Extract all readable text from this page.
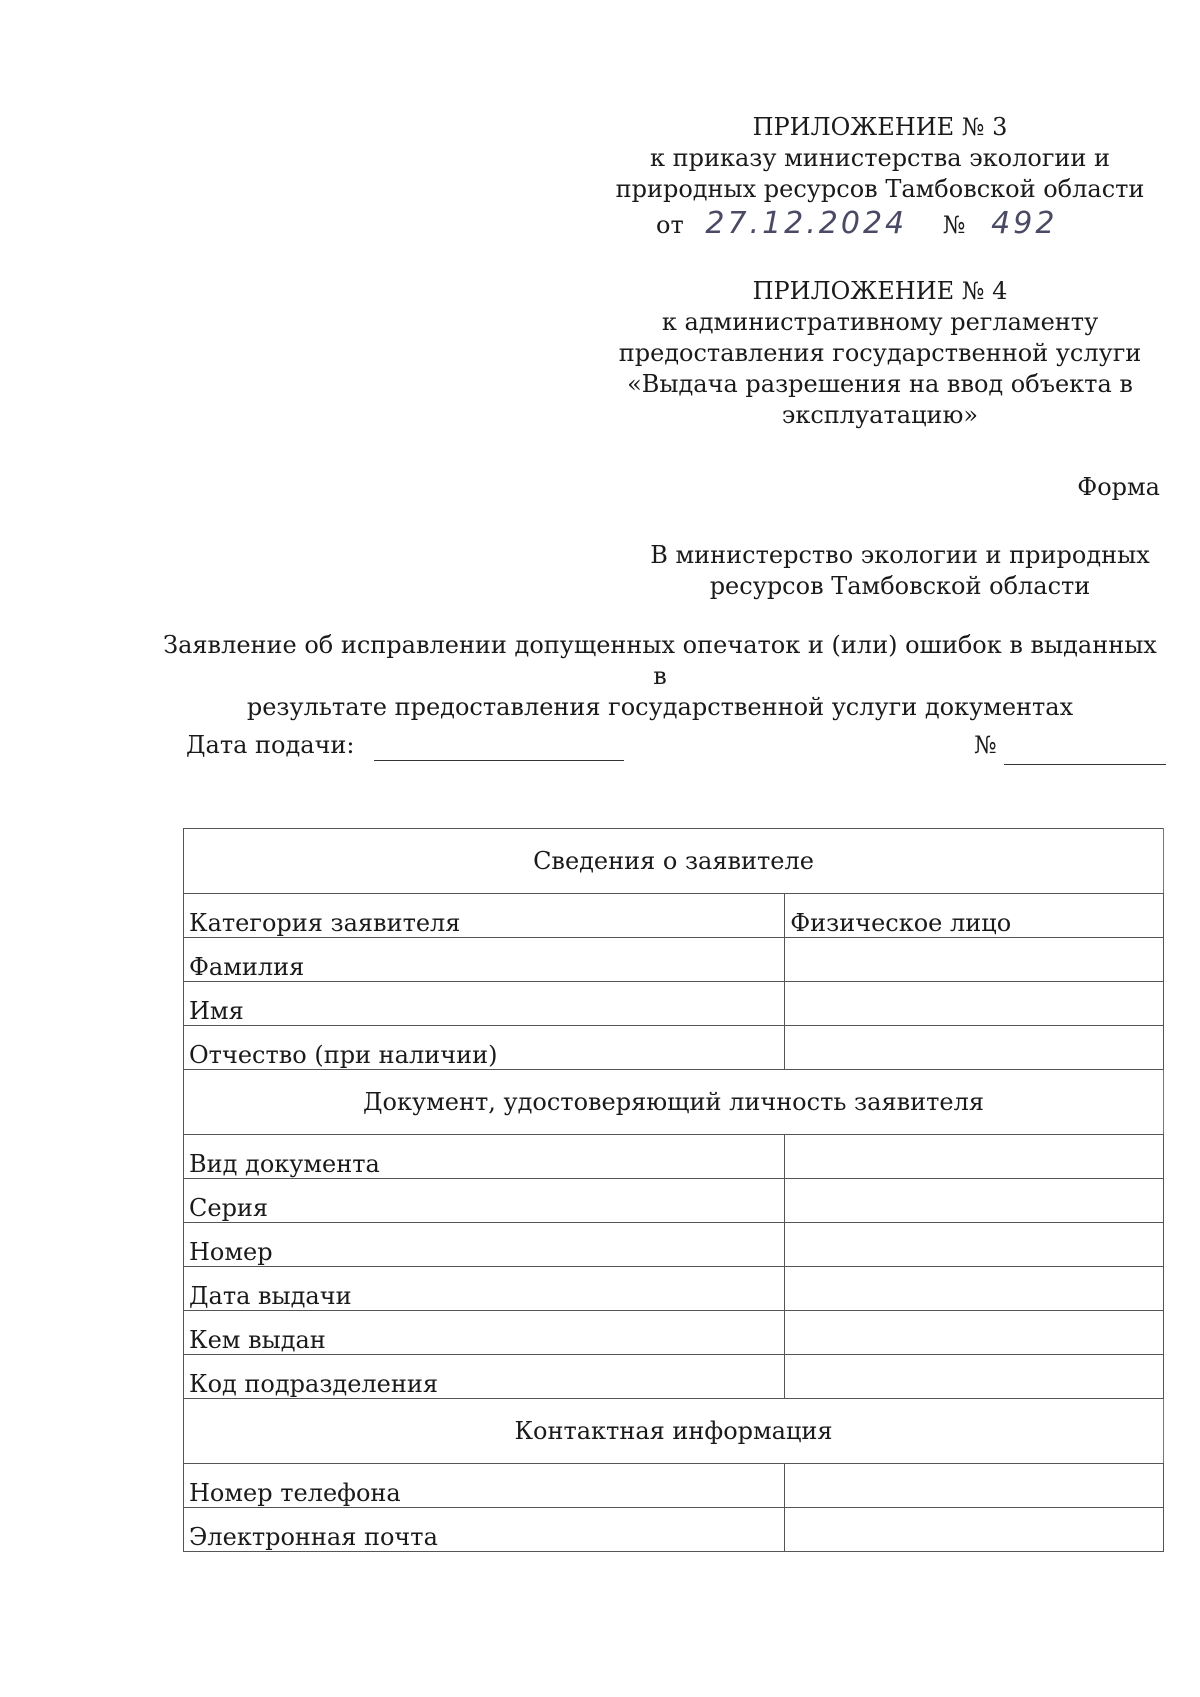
ПРИЛОЖЕНИЕ № 3
к приказу министерства экологии и
природных ресурсов Тамбовской области
от 27.12.2024 № 492
ПРИЛОЖЕНИЕ № 4
к административному регламенту
предоставления государственной услуги
«Выдача разрешения на ввод объекта в
эксплуатацию»
Форма
В министерство экологии и природных
ресурсов Тамбовской области
Заявление об исправлении допущенных опечаток и (или) ошибок в выданных в
результате предоставления государственной услуги документах
Дата подачи:	№
Сведения о заявителе	
Категория заявителя	Физическое лицо
Фамилия	
Имя	
Отчество (при наличии)	
Документ, удостоверяющий личность заявителя	
Вид документа	
Серия	
Номер	
Дата выдачи	
Кем выдан	
Код подразделения	
Контактная информация	
Номер телефона	
Электронная почта	
